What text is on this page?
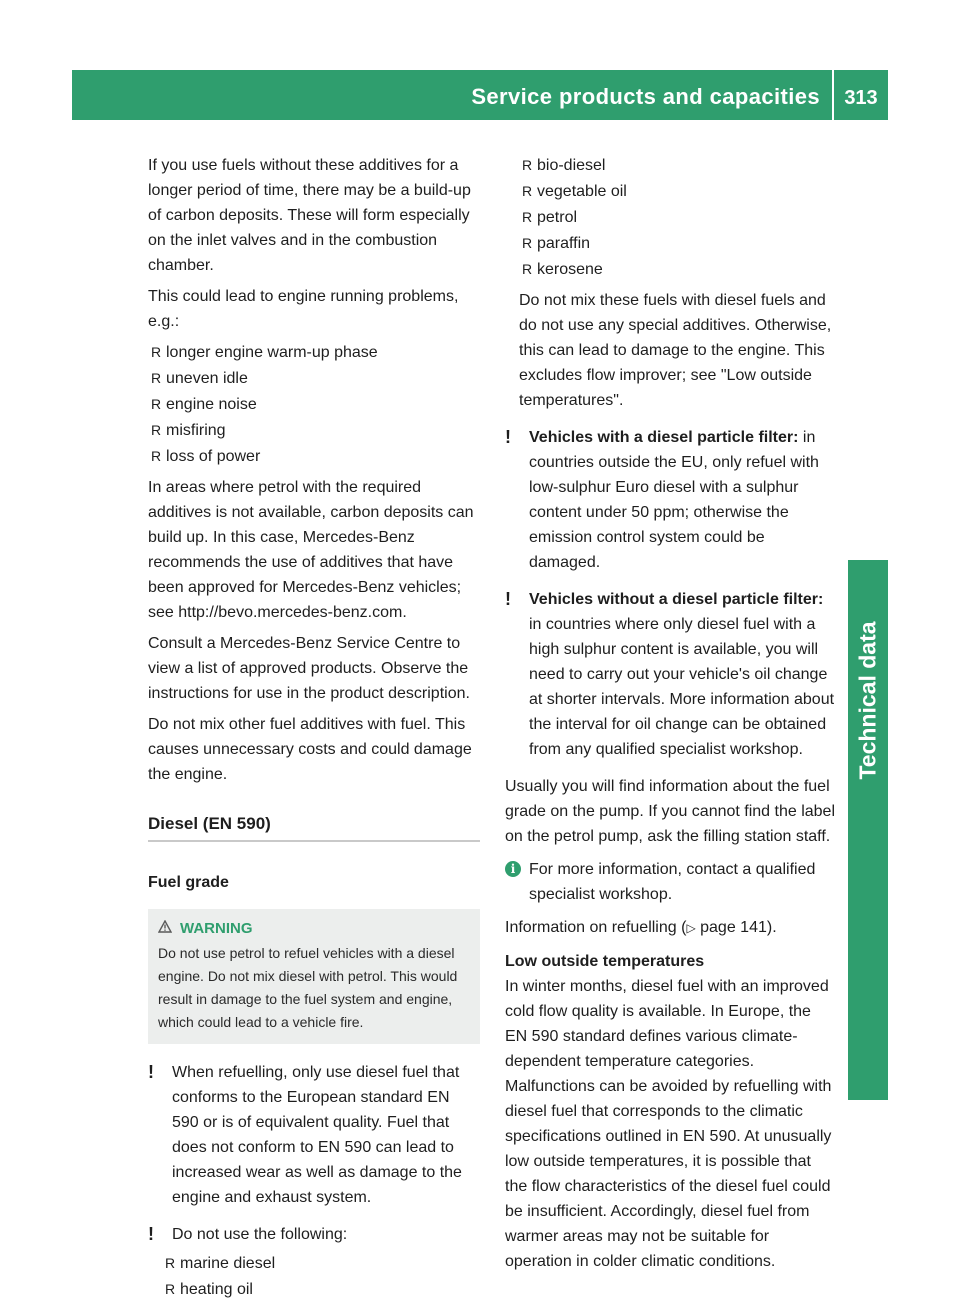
Service products and capacities	313
Technical data

If you use fuels without these additives for a longer period of time, there may be a build-up of carbon deposits. These will form especially on the inlet valves and in the combustion chamber.

This could lead to engine running problems, e.g.:

R longer engine warm-up phase
R uneven idle
R engine noise
R misfiring
R loss of power

In areas where petrol with the required additives is not available, carbon deposits can build up. In this case, Mercedes-Benz recommends the use of additives that have been approved for Mercedes-Benz vehicles; see http://bevo.mercedes-benz.com.

Consult a Mercedes-Benz Service Centre to view a list of approved products. Observe the instructions for use in the product description.

Do not mix other fuel additives with fuel. This causes unnecessary costs and could damage the engine.

Diesel (EN 590)
Fuel grade
WARNING
Do not use petrol to refuel vehicles with a diesel engine. Do not mix diesel with petrol. This would result in damage to the fuel system and engine, which could lead to a vehicle fire.
! When refuelling, only use diesel fuel that conforms to the European standard EN 590 or is of equivalent quality. Fuel that does not conform to EN 590 can lead to increased wear as well as damage to the engine and exhaust system.
! Do not use the following:
R marine diesel
R heating oil
R bio-diesel
R vegetable oil
R petrol
R paraffin
R kerosene

Do not mix these fuels with diesel fuels and do not use any special additives. Otherwise, this can lead to damage to the engine. This excludes flow improver; see "Low outside temperatures".

! Vehicles with a diesel particle filter: in countries outside the EU, only refuel with low-sulphur Euro diesel with a sulphur content under 50 ppm; otherwise the emission control system could be damaged.
! Vehicles without a diesel particle filter: in countries where only diesel fuel with a high sulphur content is available, you will need to carry out your vehicle's oil change at shorter intervals. More information about the interval for oil change can be obtained from any qualified specialist workshop.

Usually you will find information about the fuel grade on the pump. If you cannot find the label on the petrol pump, ask the filling station staff.

i For more information, contact a qualified specialist workshop.

Information on refuelling (▷ page 141).

Low outside temperatures

In winter months, diesel fuel with an improved cold flow quality is available. In Europe, the EN 590 standard defines various climate-dependent temperature categories. Malfunctions can be avoided by refuelling with diesel fuel that corresponds to the climatic specifications outlined in EN 590. At unusually low outside temperatures, it is possible that the flow characteristics of the diesel fuel could be insufficient. Accordingly, diesel fuel from warmer areas may not be suitable for operation in colder climatic conditions.
